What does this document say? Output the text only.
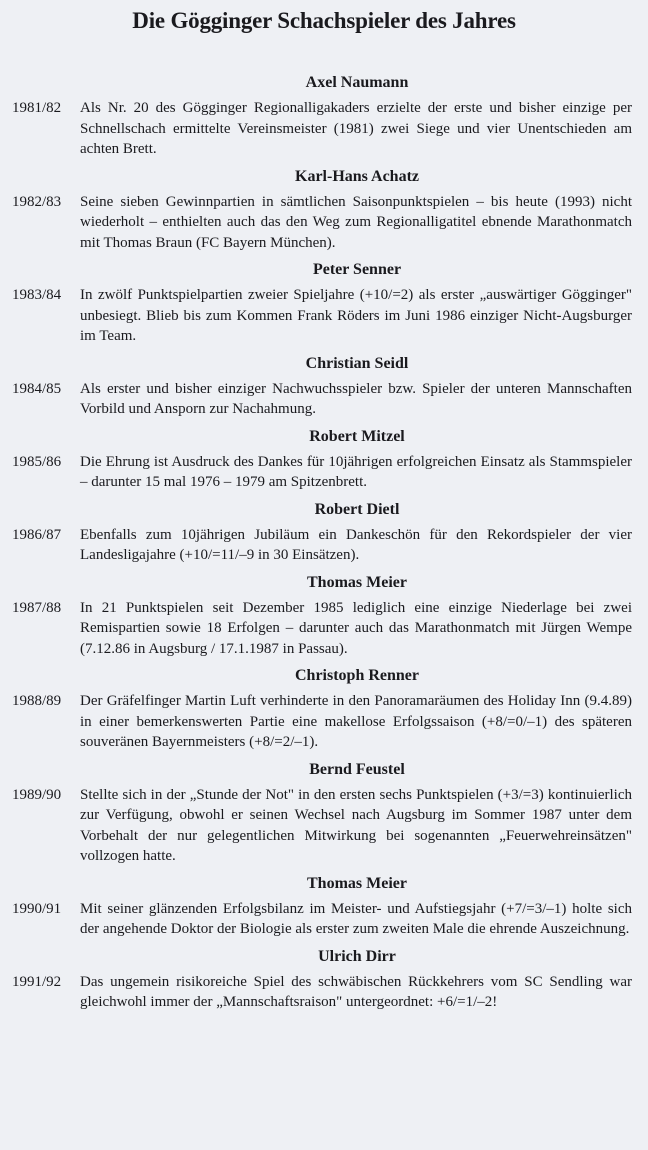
Die Gögginger Schachspieler des Jahres
Axel Naumann
1981/82	Als Nr. 20 des Gögginger Regionalligakaders erzielte der erste und bisher einzige per Schnellschach ermittelte Vereinsmeister (1981) zwei Siege und vier Unentschieden am achten Brett.
Karl-Hans Achatz
1982/83	Seine sieben Gewinnpartien in sämtlichen Saisonpunktspielen – bis heute (1993) nicht wiederholt – enthielten auch das den Weg zum Regionalligatitel ebnende Marathonmatch mit Thomas Braun (FC Bayern München).
Peter Senner
1983/84	In zwölf Punktspielpartien zweier Spieljahre (+10/=2) als erster „auswärtiger Gögginger" unbesiegt. Blieb bis zum Kommen Frank Röders im Juni 1986 einziger Nicht-Augsburger im Team.
Christian Seidl
1984/85	Als erster und bisher einziger Nachwuchsspieler bzw. Spieler der unteren Mannschaften Vorbild und Ansporn zur Nachahmung.
Robert Mitzel
1985/86	Die Ehrung ist Ausdruck des Dankes für 10jährigen erfolgreichen Einsatz als Stammspieler – darunter 15 mal 1976 – 1979 am Spitzenbrett.
Robert Dietl
1986/87	Ebenfalls zum 10jährigen Jubiläum ein Dankeschön für den Rekordspieler der vier Landesligajahre (+10/=11/–9 in 30 Einsätzen).
Thomas Meier
1987/88	In 21 Punktspielen seit Dezember 1985 lediglich eine einzige Niederlage bei zwei Remispartien sowie 18 Erfolgen – darunter auch das Marathonmatch mit Jürgen Wempe (7.12.86 in Augsburg / 17.1.1987 in Passau).
Christoph Renner
1988/89	Der Gräfelfinger Martin Luft verhinderte in den Panoramaräumen des Holiday Inn (9.4.89) in einer bemerkenswerten Partie eine makellose Erfolgssaison (+8/=0/–1) des späteren souveränen Bayernmeisters (+8/=2/–1).
Bernd Feustel
1989/90	Stellte sich in der „Stunde der Not" in den ersten sechs Punktspielen (+3/=3) kontinuierlich zur Verfügung, obwohl er seinen Wechsel nach Augsburg im Sommer 1987 unter dem Vorbehalt der nur gelegentlichen Mitwirkung bei sogenannten „Feuerwehreinsätzen" vollzogen hatte.
Thomas Meier
1990/91	Mit seiner glänzenden Erfolgsbilanz im Meister- und Aufstiegsjahr (+7/=3/–1) holte sich der angehende Doktor der Biologie als erster zum zweiten Male die ehrende Auszeichnung.
Ulrich Dirr
1991/92	Das ungemein risikoreiche Spiel des schwäbischen Rückkehrers vom SC Sendling war gleichwohl immer der „Mannschaftsraison" untergeordnet: +6/=1/–2!
